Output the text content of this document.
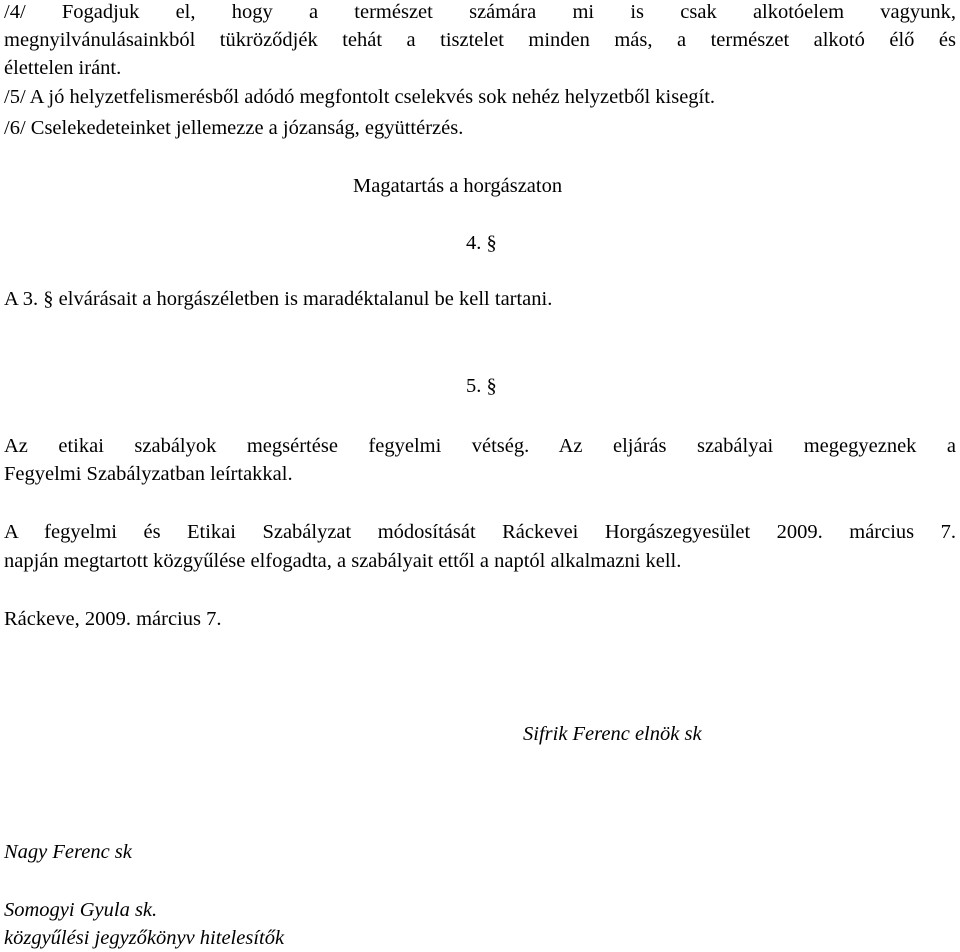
/4/ Fogadjuk el, hogy a természet számára mi is csak alkotóelem vagyunk,
megnyilvánulásainkból tükröződjék tehát a tisztelet minden más, a természet alkotó élő és
élettelen iránt.
/5/ A jó helyzetfelismerésből adódó megfontolt cselekvés sok nehéz helyzetből kisegít.
/6/ Cselekedeteinket jellemezze a józanság, együttérzés.
Magatartás a horgászaton
4. §
A 3. § elvárásait a horgászéletben is maradéktalanul be kell tartani.
5. §
Az etikai szabályok megsértése fegyelmi vétség. Az eljárás szabályai megegyeznek a
Fegyelmi Szabályzatban leírtakkal.
A fegyelmi és Etikai Szabályzat módosítását Ráckevei Horgászegyesület 2009. március 7.
napján megtartott közgyűlése elfogadta, a szabályait ettől a naptól alkalmazni kell.
Ráckeve, 2009. március 7.
Sifrik Ferenc elnök sk
Nagy Ferenc sk
Somogyi Gyula sk.
közgyűlési jegyzőkönyv hitelesítők
